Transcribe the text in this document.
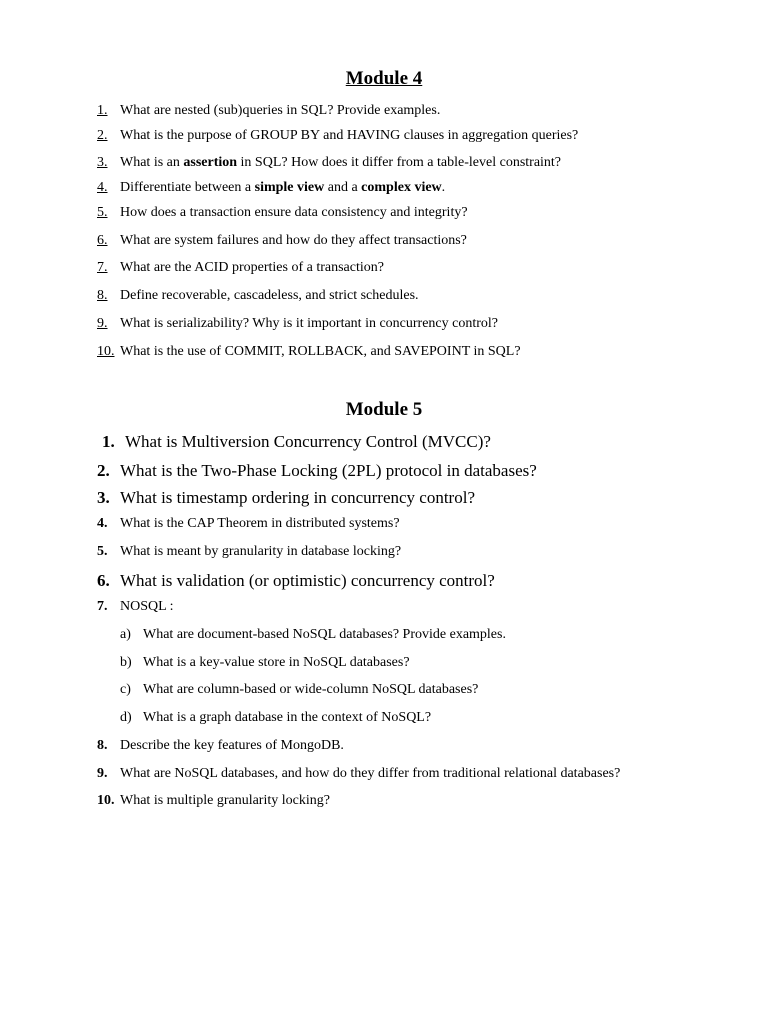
Module 4
1.What are nested (sub)queries in SQL? Provide examples.
2.What is the purpose of GROUP BY and HAVING clauses in aggregation queries?
3.What is an assertion in SQL? How does it differ from a table-level constraint?
4.Differentiate between a simple view and a complex view.
5.How does a transaction ensure data consistency and integrity?
6.What are system failures and how do they affect transactions?
7.What are the ACID properties of a transaction?
8.Define recoverable, cascadeless, and strict schedules.
9.What is serializability? Why is it important in concurrency control?
10.What is the use of COMMIT, ROLLBACK, and SAVEPOINT in SQL?
Module 5
1. What is Multiversion Concurrency Control (MVCC)?
2. What is the Two-Phase Locking (2PL) protocol in databases?
3. What is timestamp ordering in concurrency control?
4. What is the CAP Theorem in distributed systems?
5. What is meant by granularity in database locking?
6. What is validation (or optimistic) concurrency control?
7. NOSQL :
a) What are document-based NoSQL databases? Provide examples.
b) What is a key-value store in NoSQL databases?
c) What are column-based or wide-column NoSQL databases?
d) What is a graph database in the context of NoSQL?
8. Describe the key features of MongoDB.
9. What are NoSQL databases, and how do they differ from traditional relational databases?
10. What is multiple granularity locking?
